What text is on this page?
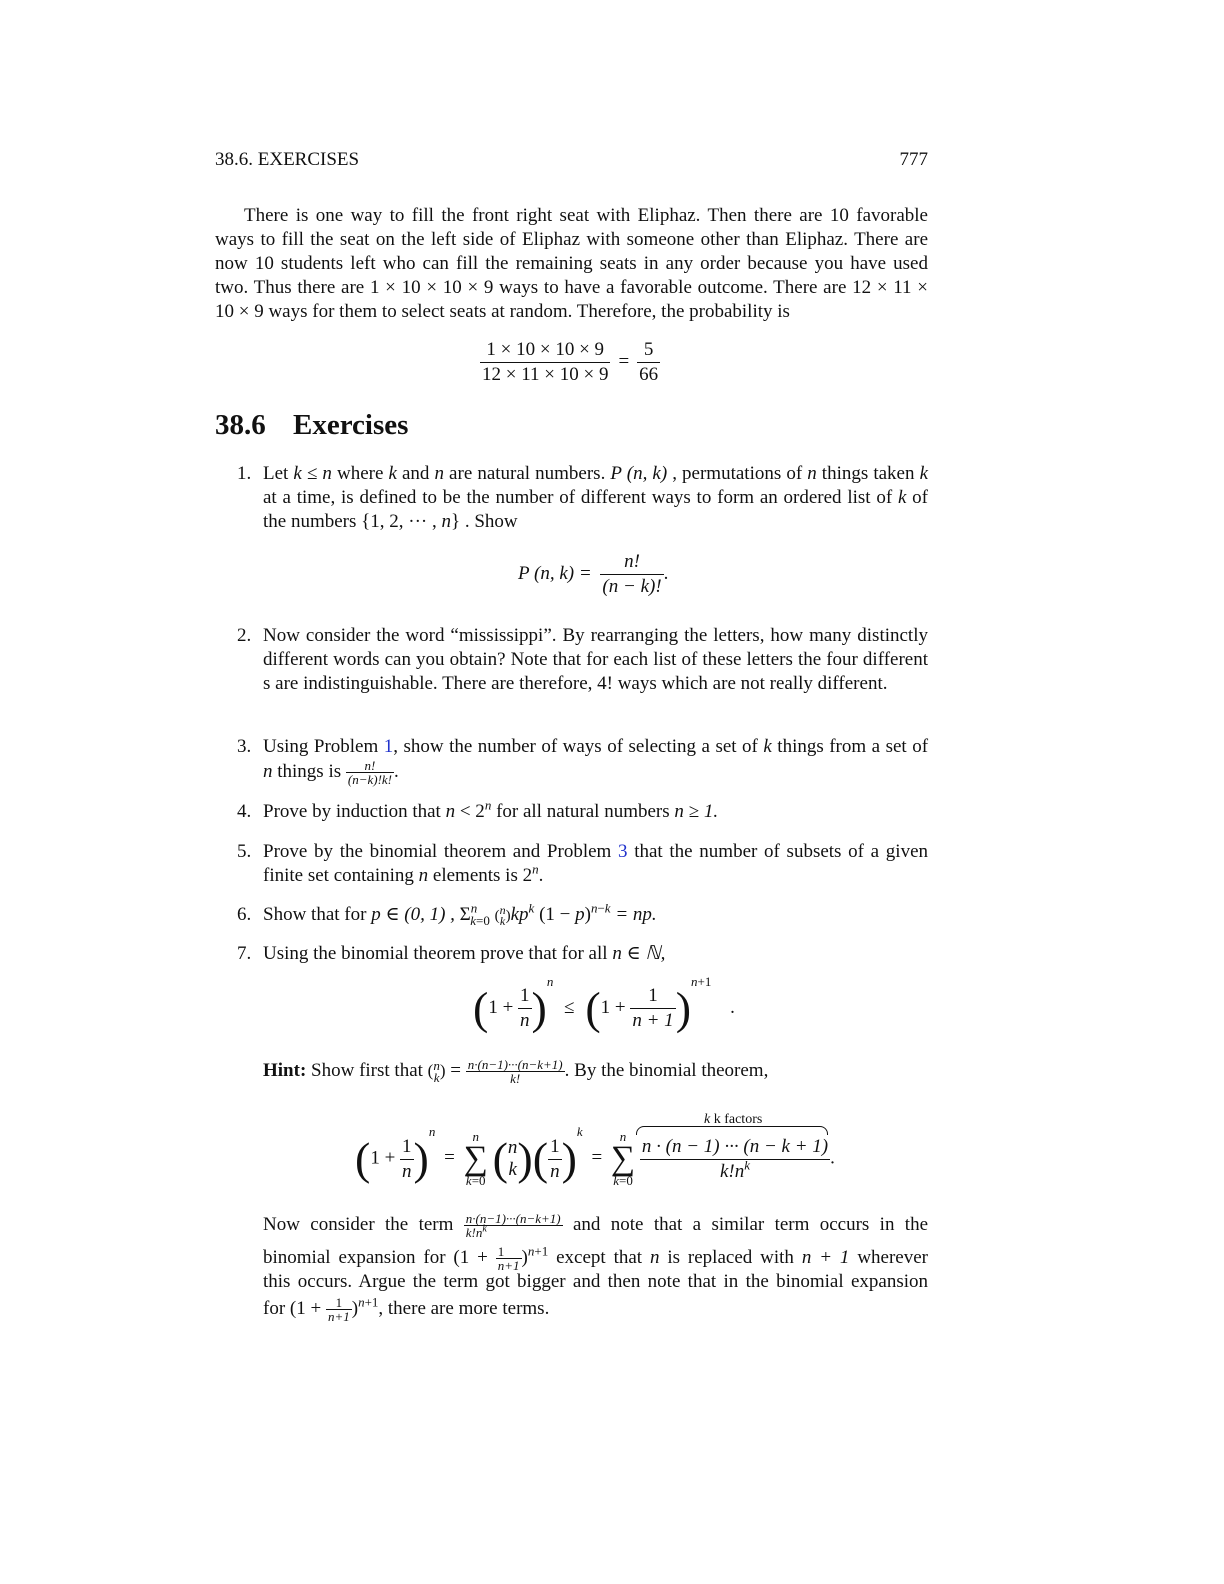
38.6. EXERCISES	777
There is one way to fill the front right seat with Eliphaz. Then there are 10 favorable ways to fill the seat on the left side of Eliphaz with someone other than Eliphaz. There are now 10 students left who can fill the remaining seats in any order because you have used two. Thus there are 1 × 10 × 10 × 9 ways to have a favorable outcome. There are 12 × 11 × 10 × 9 ways for them to select seats at random. Therefore, the probability is
$\frac{1 \times 10 \times 10 \times 9}{12 \times 11 \times 10 \times 9} = \frac{5}{66}$
38.6 Exercises
1. Let k ≤ n where k and n are natural numbers. P (n, k) , permutations of n things taken k at a time, is defined to be the number of different ways to form an ordered list of k of the numbers {1, 2, ··· , n} . Show
P (n, $k) = \frac{n!}{(n - k)!}$ .
2. Now consider the word “mississippi”. By rearranging the letters, how many distinctly different words can you obtain? Note that for each list of these letters the four different s are indistinguishable. There are therefore, 4! ways which are not really different.
3. Using Problem 1, show the number of ways of selecting a set of k things from a set of n things is $\frac{n!}{(n-k)!k!}$ .
4. Prove by induction that $n < 2^n$ for all natural numbers n ≥ 1.
5. Prove by the binomial theorem and Problem 3 that the number of subsets of a given finite set containing n elements is 2$^n$.
6. Show that for p ∈ (0, 1) , $\Sigma^n_{k=0}$ (n
$k)kp^k$ $(1 - p)^{n-k}$ = np.
7. Using the binomial theorem prove that for all n ∈ ℕ,
$(1 + \frac{1}{n} )^n \le (1 + \frac{1}{n + 1} )^{n+1}$ .
Hint: Show first that (n
$k) = \frac{n\cdot(n-1)\cdot\cdot\cdot(n-k+1)}{k!}$ . By the binomial theorem,
k k factors
$(1 + \frac{1}{n} )^n$ =
n
∑
k=0 (n
$k)( \frac{1}{n} )^k$ =
n
∑
k=0
$\frac{n \cdot (n - 1) \cdot\cdot\cdot (n - k + 1)}{k!n^k}$ .
Now consider the term $\frac{n\cdot(n-1)\cdot\cdot\cdot(n-k+1)}{k!n^k}$ and note that a similar term occurs in the
binomial expansion for $(1 + \frac{1}{n+1} )^{n+1}$ except that n is replaced with n + 1 wherever
this occurs. Argue the term got bigger and then note that in the binomial expansion
for $(1 + \frac{1}{n+1} )^{n+1}$, there are more terms.
